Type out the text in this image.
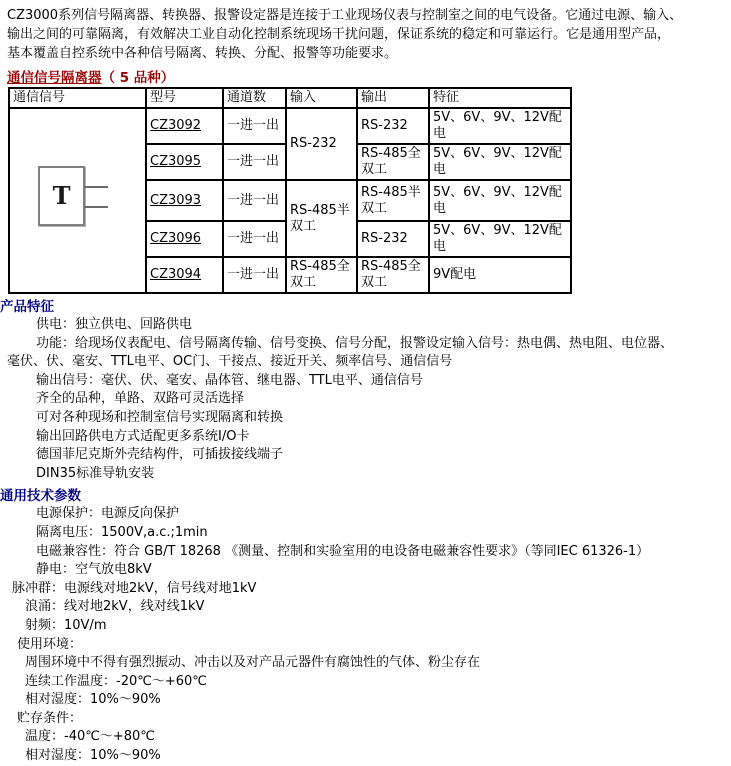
CZ3000系列信号隔离器、转换器、报警设定器是连接于工业现场仪表与控制室之间的电气设备。它通过电源、输入、
输出之间的可靠隔离，有效解决工业自动化控制系统现场干扰问题，保证系统的稳定和可靠运行。它是通用型产品，
基本覆盖自控系统中各种信号隔离、转换、分配、报警等功能要求。
通信信号隔离器（ 5 品种）
通信信号	型号	通道数	输入	输出	特征

T	CZ3092	一进一出	RS-232	RS-232	5V、6V、9V、12V配电
	CZ3095	一进一出		RS-485全双工	5V、6V、9V、12V配电
	CZ3093	一进一出	RS-485半双工	RS-485半双工	5V、6V、9V、12V配电
	CZ3096	一进一出		RS-232	5V、6V、9V、12V配电
	CZ3094	一进一出	RS-485全双工	RS-485全双工	9V配电
产品特征
供电：独立供电、回路供电
功能：给现场仪表配电、信号隔离传输、信号变换、信号分配，报警设定输入信号：热电偶、热电阻、电位器、
毫伏、伏、毫安、TTL电平、OC门、干接点、接近开关、频率信号、通信信号
输出信号：毫伏、伏、毫安、晶体管、继电器、TTL电平、通信信号
齐全的品种，单路、双路可灵活选择
可对各种现场和控制室信号实现隔离和转换
输出回路供电方式适配更多系统I/O卡
德国菲尼克斯外壳结构件，可插拔接线端子
DIN35标准导轨安装
通用技术参数
电源保护：电源反向保护
隔离电压：1500V,a.c.;1min
电磁兼容性：符合 GB/T 18268 《测量、控制和实验室用的电设备电磁兼容性要求》（等同IEC 61326-1）
静电：空气放电8kV
脉冲群：电源线对地2kV，信号线对地1kV
浪涌：线对地2kV，线对线1kV
射频：10V/m
使用环境：
周围环境中不得有强烈振动、冲击以及对产品元器件有腐蚀性的气体、粉尘存在
连续工作温度：-20℃～+60℃
相对湿度：10%～90%
贮存条件：
温度：-40℃～+80℃
相对湿度：10%～90%
